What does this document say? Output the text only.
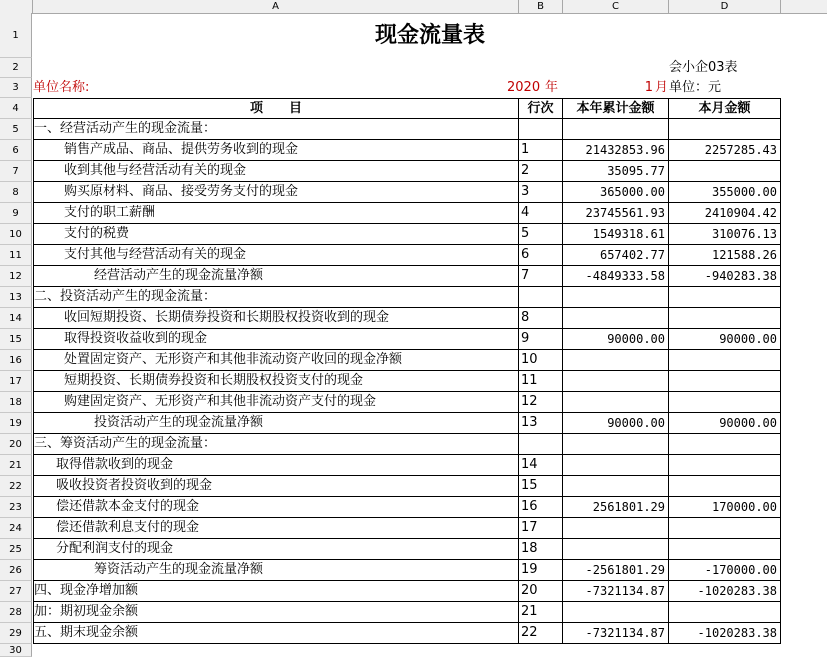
A	B	C	D
1
2
3
4
5
6
7
8
9
10
11
12
13
14
15
16
17
18
19
20
21
22
23
24
25
26
27
28
29
30
现金流量表
会小企03表
单位名称:	2020 年	1 月 单位：元
项　　目	行次	本年累计金额	本月金额
一、经营活动产生的现金流量：
销售产成品、商品、提供劳务收到的现金	1	21432853.96	2257285.43
收到其他与经营活动有关的现金	2	35095.77
购买原材料、商品、接受劳务支付的现金	3	365000.00	355000.00
支付的职工薪酬	4	23745561.93	2410904.42
支付的税费	5	1549318.61	310076.13
支付其他与经营活动有关的现金	6	657402.77	121588.26
经营活动产生的现金流量净额	7	-4849333.58	-940283.38
二、投资活动产生的现金流量：
收回短期投资、长期债券投资和长期股权投资收到的现金	8
取得投资收益收到的现金	9	90000.00	90000.00
处置固定资产、无形资产和其他非流动资产收回的现金净额	10
短期投资、长期债券投资和长期股权投资支付的现金	11
购建固定资产、无形资产和其他非流动资产支付的现金	12
投资活动产生的现金流量净额	13	90000.00	90000.00
三、筹资活动产生的现金流量：
取得借款收到的现金	14
吸收投资者投资收到的现金	15
偿还借款本金支付的现金	16	2561801.29	170000.00
偿还借款利息支付的现金	17
分配利润支付的现金	18
筹资活动产生的现金流量净额	19	-2561801.29	-170000.00
四、现金净增加额	20	-7321134.87	-1020283.38
加：期初现金余额	21
五、期末现金余额	22	-7321134.87	-1020283.38
